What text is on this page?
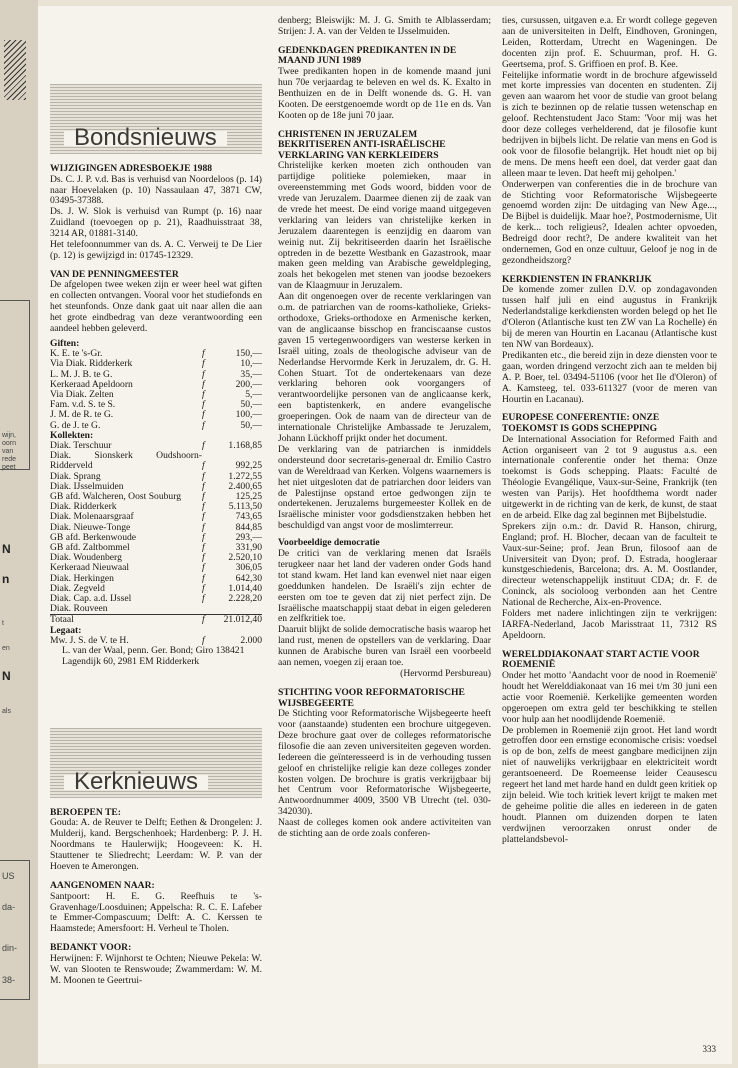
wijn,
oorn
van
rede
peet
N
n
t
en
N
als
US
da-
din-
38-
Bondsnieuws
WIJZIGINGEN ADRESBOEKJE 1988

Ds. C. J. P. v.d. Bas is verhuisd van Noordeloos (p. 14) naar Hoevelaken (p. 10) Nassaulaan 47, 3871 CW, 03495-37388.

Ds. J. W. Slok is verhuisd van Rumpt (p. 16) naar Zuidland (toevoegen op p. 21), Raadhuisstraat 38, 3214 AR, 01881-3140.

Het telefoonnummer van ds. A. C. Verweij te De Lier (p. 12) is gewijzigd in: 01745-12329.

VAN DE PENNINGMEESTER

De afgelopen twee weken zijn er weer heel wat giften en collecten ontvangen. Vooral voor het studiefonds en het steunfonds. Onze dank gaat uit naar allen die aan het grote eindbedrag van deze verantwoording een aandeel hebben geleverd.

Giften:		
K. E. te 's-Gr.	f	150,—
Via Diak. Ridderkerk	f	10,—
L. M. J. B. te G.	f	35,—
Kerkeraad Apeldoorn	f	200,—
Via Diak. Zelten	f	5,—
Fam. v.d. S. te S.	f	50,—
J. M. de R. te G.	f	100,—
G. de J. te G.	f	50,—
Kollekten:		
Diak. Terschuur	f	1.168,85
Diak. Sionskerk Oudshoorn-Ridderveld	f	992,25
Diak. Sprang	f	1.272,55
Diak. IJsselmuiden	f	2.400,65
GB afd. Walcheren, Oost Souburg	f	125,25
Diak. Ridderkerk	f	5.113,50
Diak. Molenaarsgraaf	f	743,65
Diak. Nieuwe-Tonge	f	844,85
GB afd. Berkenwoude	f	293,—
GB afd. Zaltbommel	f	331,90
Diak. Woudenberg	f	2.520,10
Kerkeraad Nieuwaal	f	306,05
Diak. Herkingen	f	642,30
Diak. Zegveld	f	1.014,40
Diak. Cap. a.d. IJssel	f	2.228,20
Diak. Rouveen		
Totaal	f	21.012,40
Legaat:		
Mw. J. S. de V. te H.	f	2.000

L. van der Waal, penn. Ger. Bond; Giro 138421 Lagendijk 60, 2981 EM Ridderkerk

Kerknieuws
BEROEPEN TE:

Gouda: A. de Reuver te Delft; Eethen & Drongelen: J. Mulderij, kand. Bergschenhoek; Hardenberg: P. J. H. Noordmans te Haulerwijk; Hoogeveen: K. H. Stauttener te Sliedrecht; Leerdam: W. P. van der Hoeven te Amerongen.

AANGENOMEN NAAR:

Santpoort: H. E. G. Reefhuis te 's-Gravenhage/Loosduinen; Appelscha: R. C. E. Lafeber te Emmer-Compascuum; Delft: A. C. Kerssen te Haamstede; Amersfoort: H. Verheul te Tholen.

BEDANKT VOOR:

Herwijnen: F. Wijnhorst te Ochten; Nieuwe Pekela: W. W. van Slooten te Renswoude; Zwammerdam: W. M. M. Moonen te Geertrui-

denberg; Bleiswijk: M. J. G. Smith te Alblasserdam; Strijen: J. A. van der Velden te IJsselmuiden.

GEDENKDAGEN PREDIKANTEN IN DE MAAND JUNI 1989

Twee predikanten hopen in de komende maand juni hun 70e verjaardag te beleven en wel ds. K. Exalto in Benthuizen en de in Delft wonende ds. G. H. van Kooten. De eerstgenoemde wordt op de 11e en ds. Van Kooten op de 18e juni 70 jaar.

CHRISTENEN IN JERUZALEM BEKRITISEREN ANTI-ISRAËLISCHE VERKLARING VAN KERKLEIDERS

Christelijke kerken moeten zich onthouden van partijdige politieke polemieken, maar in overeenstemming met Gods woord, bidden voor de vrede van Jeruzalem. Daarmee dienen zij de zaak van de vrede het meest. De eind vorige maand uitgegeven verklaring van leiders van christelijke kerken in Jeruzalem daarentegen is eenzijdig en daarom van weinig nut. Zij bekritiseerden daarin het Israëlische optreden in de bezette Westbank en Gazastrook, maar maken geen melding van Arabische geweldpleging, zoals het bekogelen met stenen van joodse bezoekers van de Klaagmuur in Jeruzalem.

Aan dit ongenoegen over de recente verklaringen van o.m. de patriarchen van de rooms-katholieke, Grieks-orthodoxe, Grieks-orthodoxe en Armenische kerken, van de anglicaanse bisschop en franciscaanse custos gaven 15 vertegenwoordigers van westerse kerken in Israël uiting, zoals de theologische adviseur van de Nederlandse Hervormde Kerk in Jeruzalem, dr. G. H. Cohen Stuart. Tot de ondertekenaars van deze verklaring behoren ook voorgangers of verantwoordelijke personen van de anglicaanse kerk, een baptistenkerk, en andere evangelische groeperingen. Ook de naam van de directeur van de internationale Christelijke Ambassade te Jeruzalem, Johann Lückhoff prijkt onder het document.

De verklaring van de patriarchen is inmiddels ondersteund door secretaris-generaal dr. Emilio Castro van de Wereldraad van Kerken. Volgens waarnemers is het niet uitgesloten dat de patriarchen door leiders van de Palestijnse opstand ertoe gedwongen zijn te ondertekenen. Jeruzalems burgemeester Kollek en de Israëlische minister voor godsdienstzaken hebben het beschuldigd van angst voor de moslimterreur.

Voorbeeldige democratie

De critici van de verklaring menen dat Israëls terugkeer naar het land der vaderen onder Gods hand tot stand kwam. Het land kan evenwel niet naar eigen goeddunken handelen. De Israëli's zijn echter de eersten om toe te geven dat zij niet perfect zijn. De Israëlische maatschappij staat debat in eigen gelederen en zelfkritiek toe.

Daaruit blijkt de solide democratische basis waarop het land rust, menen de opstellers van de verklaring. Daar kunnen de Arabische buren van Israël een voorbeeld aan nemen, voegen zij eraan toe.

(Hervormd Persbureau)

STICHTING VOOR REFORMATORISCHE WIJSBEGEERTE

De Stichting voor Reformatorische Wijsbegeerte heeft voor (aanstaande) studenten een brochure uitgegeven. Deze brochure gaat over de colleges reformatorische filosofie die aan zeven universiteiten gegeven worden. Iedereen die geïnteresseerd is in de verhouding tussen geloof en christelijke religie kan deze colleges zonder kosten volgen. De brochure is gratis verkrijgbaar bij het Centrum voor Reformatorische Wijsbegeerte, Antwoordnummer 4009, 3500 VB Utrecht (tel. 030-342030).

Naast de colleges komen ook andere activiteiten van de stichting aan de orde zoals conferen-

ties, cursussen, uitgaven e.a. Er wordt college gegeven aan de universiteiten in Delft, Eindhoven, Groningen, Leiden, Rotterdam, Utrecht en Wageningen. De docenten zijn prof. E. Schuurman, prof. H. G. Geertsema, prof. S. Griffioen en prof. B. Kee.

Feitelijke informatie wordt in de brochure afgewisseld met korte impressies van docenten en studenten. Zij geven aan waarom het voor de studie van groot belang is zich te bezinnen op de relatie tussen wetenschap en geloof. Rechtenstudent Jaco Stam: 'Voor mij was het door deze colleges verhelderend, dat je filosofie kunt bedrijven in bijbels licht. De relatie van mens en God is ook voor de filosofie belangrijk. Het houdt niet op bij de mens. De mens heeft een doel, dat verder gaat dan alleen maar te leven. Dat heeft mij geholpen.'

Onderwerpen van conferenties die in de brochure van de Stichting voor Reformatorische Wijsbegeerte genoemd worden zijn: De uitdaging van New Age..., De Bijbel is duidelijk. Maar hoe?, Postmodernisme, Uit de kerk... toch religieus?, Idealen achter opvoeden, Bedreigd door recht?, De andere kwaliteit van het ondernemen, God en onze cultuur, Geloof je nog in de gezondheidszorg?

KERKDIENSTEN IN FRANKRIJK

De komende zomer zullen D.V. op zondagavonden tussen half juli en eind augustus in Frankrijk Nederlandstalige kerkdiensten worden belegd op het Ile d'Oleron (Atlantische kust ten ZW van La Rochelle) én bij de meren van Hourtin en Lacanau (Atlantische kust ten NW van Bordeaux).

Predikanten etc., die bereid zijn in deze diensten voor te gaan, worden dringend verzocht zich aan te melden bij A. P. Boer, tel. 03494-51106 (voor het Ile d'Oleron) of A. Kamsteeg, tel. 033-611327 (voor de meren van Hourtin en Lacanau).

EUROPESE CONFERENTIE: ONZE TOEKOMST IS GODS SCHEPPING

De International Association for Reformed Faith and Action organiseert van 2 tot 9 augustus a.s. een internationale conferentie onder het thema: Onze toekomst is Gods schepping. Plaats: Faculté de Théologie Evangélique, Vaux-sur-Seine, Frankrijk (ten westen van Parijs). Het hoofdthema wordt nader uitgewerkt in de richting van de kerk, de kunst, de staat en de arbeid. Elke dag zal beginnen met Bijbelstudie.

Sprekers zijn o.m.: dr. David R. Hanson, chirurg, England; prof. H. Blocher, decaan van de faculteit te Vaux-sur-Seine; prof. Jean Brun, filosoof aan de Universiteit van Dyon; prof. D. Estrada, hoogleraar kunstgeschiedenis, Barcelona; drs. A. M. Oostlander, directeur wetenschappelijk instituut CDA; dr. F. de Coninck, als socioloog verbonden aan het Centre National de Recherche, Aix-en-Provence.

Folders met nadere inlichtingen zijn te verkrijgen: IARFA-Nederland, Jacob Marisstraat 11, 7312 RS Apeldoorn.

WERELDDIAKONAAT START ACTIE VOOR ROEMENIË

Onder het motto 'Aandacht voor de nood in Roemenië' houdt het Werelddiakonaat van 16 mei t/m 30 juni een actie voor Roemenië. Kerkelijke gemeenten worden opgeroepen om extra geld ter beschikking te stellen voor hulp aan het noodlijdende Roemenië.

De problemen in Roemenië zijn groot. Het land wordt getroffen door een ernstige economische crisis: voedsel is op de bon, zelfs de meest gangbare medicijnen zijn niet of nauwelijks verkrijgbaar en elektriciteit wordt gerantsoeneerd. De Roemeense leider Ceausescu regeert het land met harde hand en duldt geen kritiek op zijn beleid. Wie toch kritiek levert krijgt te maken met de geheime politie die alles en iedereen in de gaten houdt. Plannen om duizenden dorpen te laten verdwijnen veroorzaken onrust onder de plattelandsbevol-

333
